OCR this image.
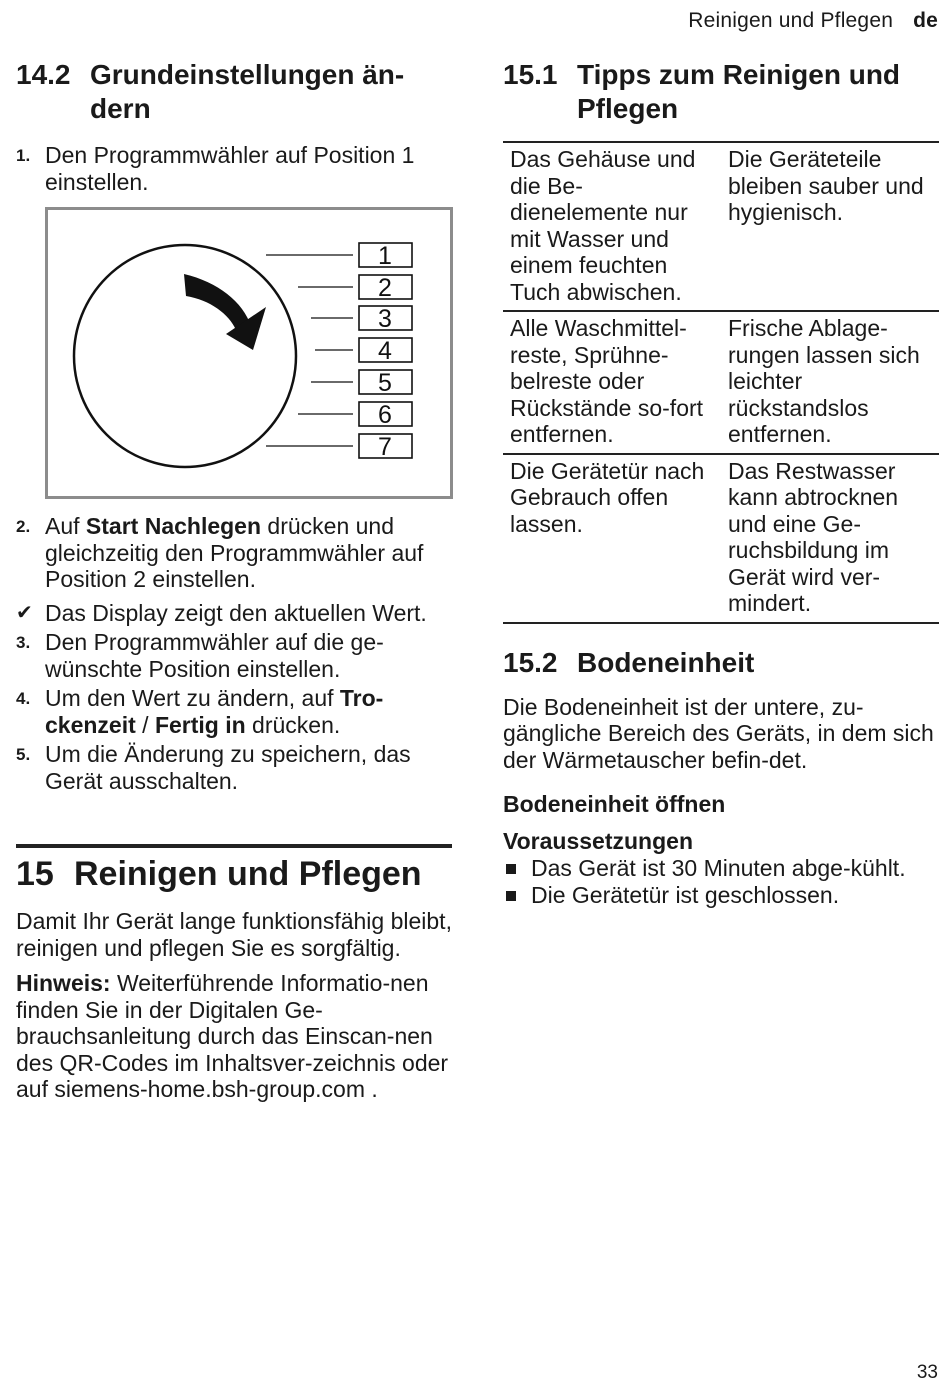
Reinigen und Pflegen de
14.2 Grundeinstellungen än-
dern
1. Den Programmwähler auf Position 1 einstellen.
1
2
3
4
5
6
7
2. Auf Start Nachlegen drücken und gleichzeitig den Programmwähler auf Position 2 einstellen.
✔ Das Display zeigt den aktuellen Wert.
3. Den Programmwähler auf die ge-wünschte Position einstellen.
4. Um den Wert zu ändern, auf Tro-ckenzeit / Fertig in drücken.
5. Um die Änderung zu speichern, das Gerät ausschalten.
15 Reinigen und Pflegen

Damit Ihr Gerät lange funktionsfähig bleibt, reinigen und pflegen Sie es sorgfältig.

Hinweis: Weiterführende Informatio-nen finden Sie in der Digitalen Ge-brauchsanleitung durch das Einscan-nen des QR-Codes im Inhaltsver-zeichnis oder auf siemens-home.bsh-group.com .

15.1 Tipps zum Reinigen und
Pflegen
Das Gehäuse und die Be-dienelemente nur mit Wasser und einem feuchten Tuch abwischen.	Die Geräteteile bleiben sauber und hygienisch.
Alle Waschmittel-reste, Sprühne-belreste oder Rückstände so-fort entfernen.	Frische Ablage-rungen lassen sich leichter rückstandslos entfernen.
Die Gerätetür nach Gebrauch offen lassen.	Das Restwasser kann abtrocknen und eine Ge-ruchsbildung im Gerät wird ver-mindert.
15.2 Bodeneinheit

Die Bodeneinheit ist der untere, zu-gängliche Bereich des Geräts, in dem sich der Wärmetauscher befin-det.

Bodeneinheit öffnen
Voraussetzungen
Das Gerät ist 30 Minuten abge-kühlt.
Die Gerätetür ist geschlossen.
33
